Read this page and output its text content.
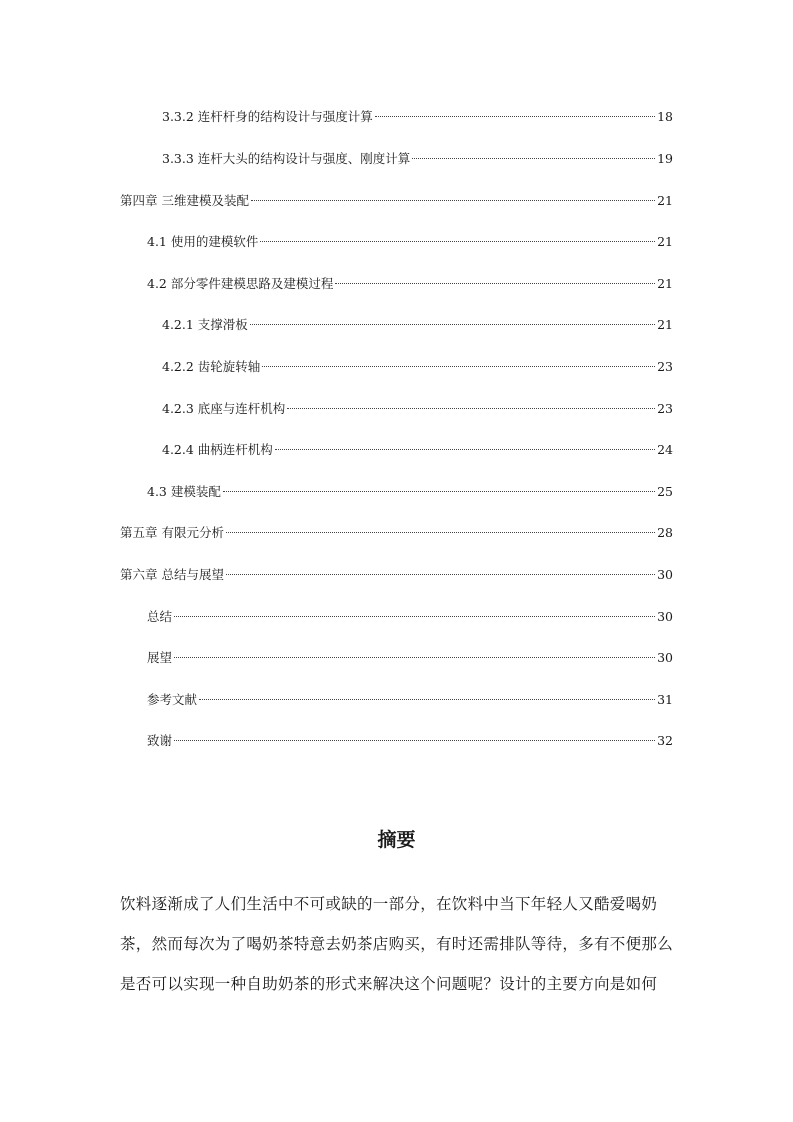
3.3.2 连杆杆身的结构设计与强度计算	18
3.3.3 连杆大头的结构设计与强度、刚度计算	19
第四章 三维建模及装配	21
4.1 使用的建模软件	21
4.2 部分零件建模思路及建模过程	21
4.2.1 支撑滑板	21
4.2.2 齿轮旋转轴	23
4.2.3 底座与连杆机构	23
4.2.4 曲柄连杆机构	24
4.3 建模装配	25
第五章 有限元分析	28
第六章 总结与展望	30
总结	30
展望	30
参考文献	31
致谢	32
摘要
饮料逐渐成了人们生活中不可或缺的一部分，在饮料中当下年轻人又酷爱喝奶
茶，然而每次为了喝奶茶特意去奶茶店购买，有时还需排队等待，多有不便那么
是否可以实现一种自助奶茶的形式来解决这个问题呢？设计的主要方向是如何
